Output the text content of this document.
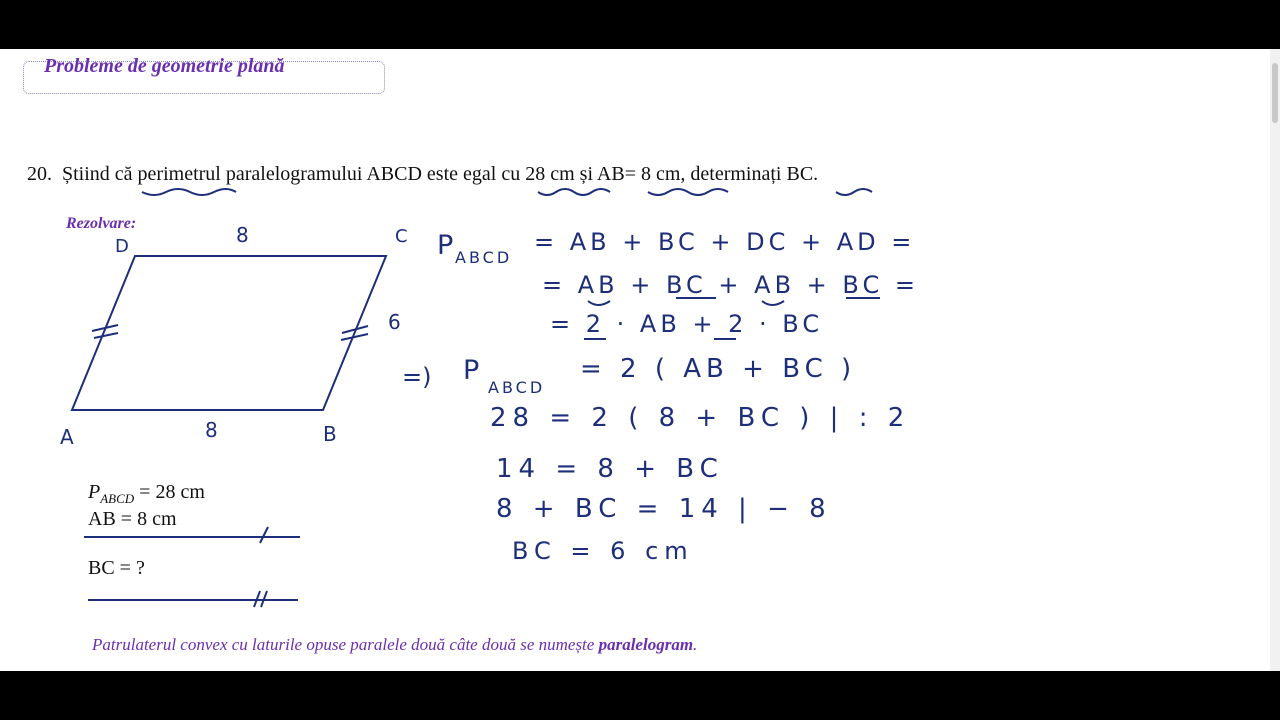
Probleme de geometrie plană
20. Știind că perimetrul paralelogramului ABCD este egal cu 28 cm și AB= 8 cm, determinați BC.
Rezolvare:
$P_{ABCD} = 28$ cm
AB = 8 cm
BC = ?
Patrulaterul convex cu laturile opuse paralele două câte două se numește paralelogram.
A	B
C
D	8
8
6
P ABCD
= AB + BC + DC + AD =
= AB + BC + AB + BC =
= 2 · AB + 2 · BC
=) P
ABCD
= 2 ( AB + BC )
28 = 2 ( 8 + BC ) | : 2
14 = 8 + BC
8 + BC = 14 | − 8
BC = 6 cm
